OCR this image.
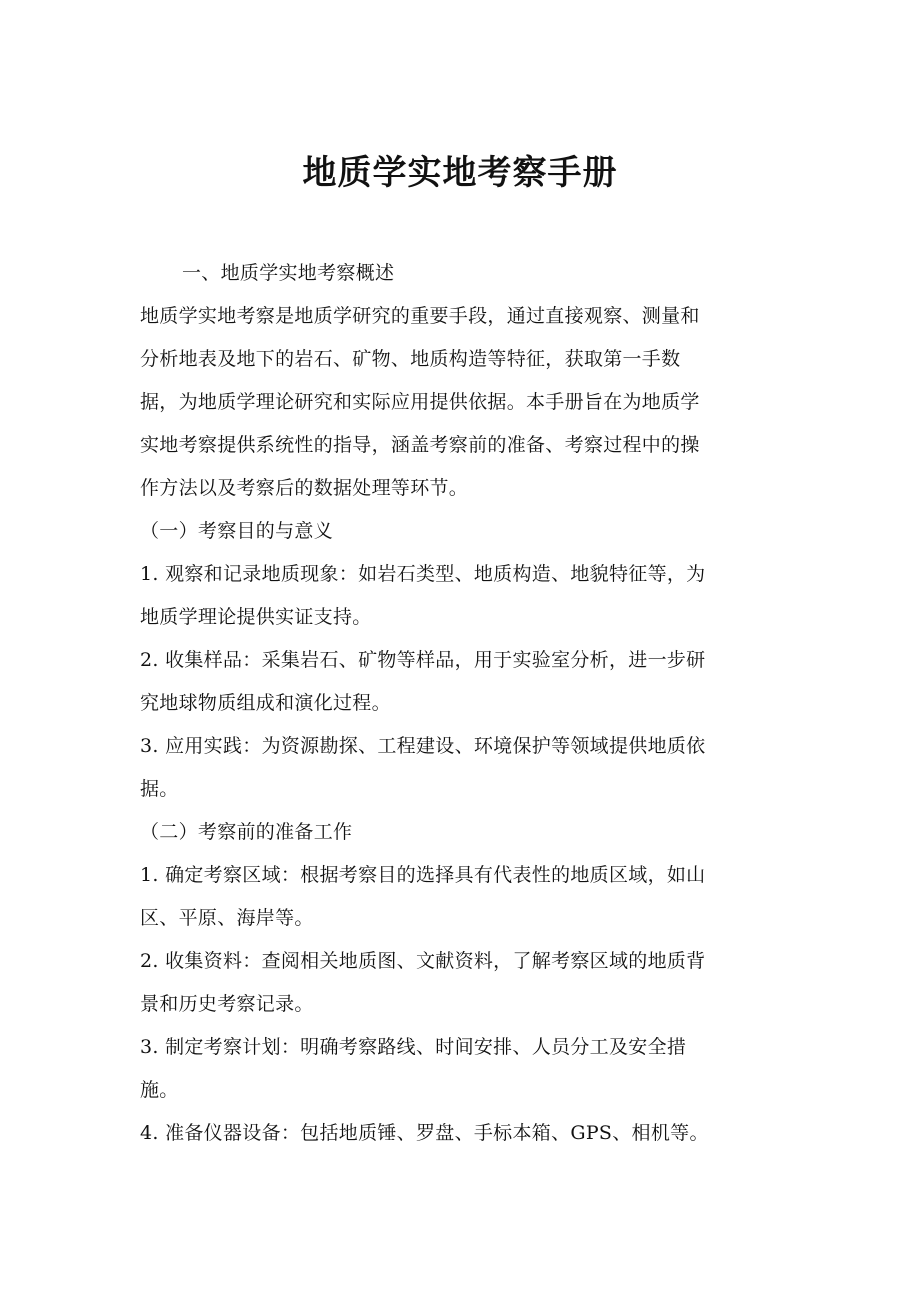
地质学实地考察手册
一、地质学实地考察概述
地质学实地考察是地质学研究的重要手段，通过直接观察、测量和
分析地表及地下的岩石、矿物、地质构造等特征，获取第一手数
据，为地质学理论研究和实际应用提供依据。本手册旨在为地质学
实地考察提供系统性的指导，涵盖考察前的准备、考察过程中的操
作方法以及考察后的数据处理等环节。
（一）考察目的与意义
1. 观察和记录地质现象：如岩石类型、地质构造、地貌特征等，为
地质学理论提供实证支持。
2. 收集样品：采集岩石、矿物等样品，用于实验室分析，进一步研
究地球物质组成和演化过程。
3. 应用实践：为资源勘探、工程建设、环境保护等领域提供地质依
据。
（二）考察前的准备工作
1. 确定考察区域：根据考察目的选择具有代表性的地质区域，如山
区、平原、海岸等。
2. 收集资料：查阅相关地质图、文献资料，了解考察区域的地质背
景和历史考察记录。
3. 制定考察计划：明确考察路线、时间安排、人员分工及安全措
施。
4. 准备仪器设备：包括地质锤、罗盘、手标本箱、GPS、相机等。
